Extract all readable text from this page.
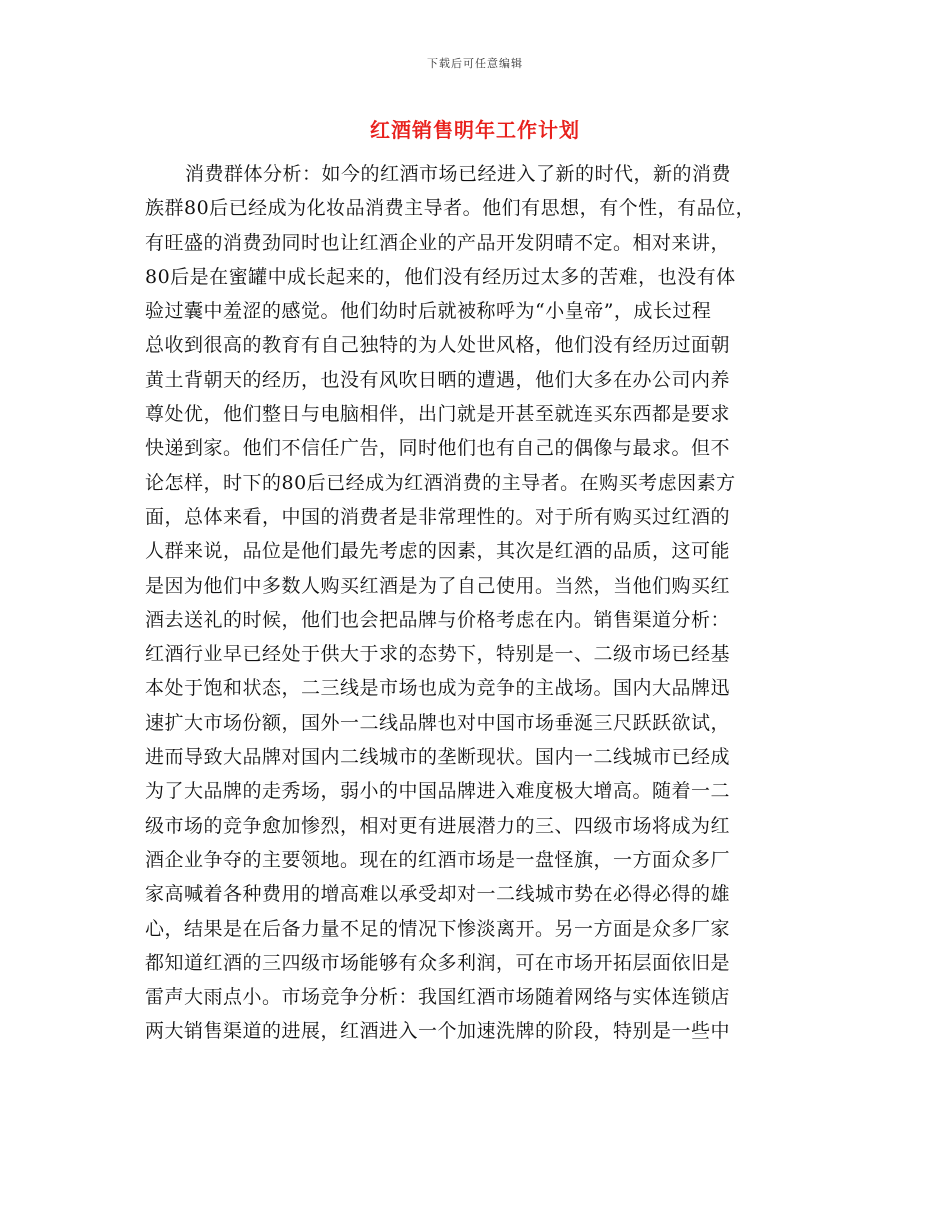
下载后可任意编辑
红酒销售明年工作计划
消费群体分析：如今的红酒市场已经进入了新的时代，新的消费
族群80后已经成为化妆品消费主导者。他们有思想，有个性，有品位，
有旺盛的消费劲同时也让红酒企业的产品开发阴晴不定。相对来讲，
80后是在蜜罐中成长起来的，他们没有经历过太多的苦难，也没有体
验过囊中羞涩的感觉。他们幼时后就被称呼为“小皇帝”，成长过程
总收到很高的教育有自己独特的为人处世风格，他们没有经历过面朝
黄土背朝天的经历，也没有风吹日晒的遭遇，他们大多在办公司内养
尊处优，他们整日与电脑相伴，出门就是开甚至就连买东西都是要求
快递到家。他们不信任广告，同时他们也有自己的偶像与最求。但不
论怎样，时下的80后已经成为红酒消费的主导者。在购买考虑因素方
面，总体来看，中国的消费者是非常理性的。对于所有购买过红酒的
人群来说，品位是他们最先考虑的因素，其次是红酒的品质，这可能
是因为他们中多数人购买红酒是为了自己使用。当然，当他们购买红
酒去送礼的时候，他们也会把品牌与价格考虑在内。销售渠道分析：
红酒行业早已经处于供大于求的态势下，特别是一、二级市场已经基
本处于饱和状态，二三线是市场也成为竞争的主战场。国内大品牌迅
速扩大市场份额，国外一二线品牌也对中国市场垂涎三尺跃跃欲试，
进而导致大品牌对国内二线城市的垄断现状。国内一二线城市已经成
为了大品牌的走秀场，弱小的中国品牌进入难度极大增高。随着一二
级市场的竞争愈加惨烈，相对更有进展潜力的三、四级市场将成为红
酒企业争夺的主要领地。现在的红酒市场是一盘怪旗，一方面众多厂
家高喊着各种费用的增高难以承受却对一二线城市势在必得必得的雄
心，结果是在后备力量不足的情况下惨淡离开。另一方面是众多厂家
都知道红酒的三四级市场能够有众多利润，可在市场开拓层面依旧是
雷声大雨点小。市场竞争分析：我国红酒市场随着网络与实体连锁店
两大销售渠道的进展，红酒进入一个加速洗牌的阶段，特别是一些中
